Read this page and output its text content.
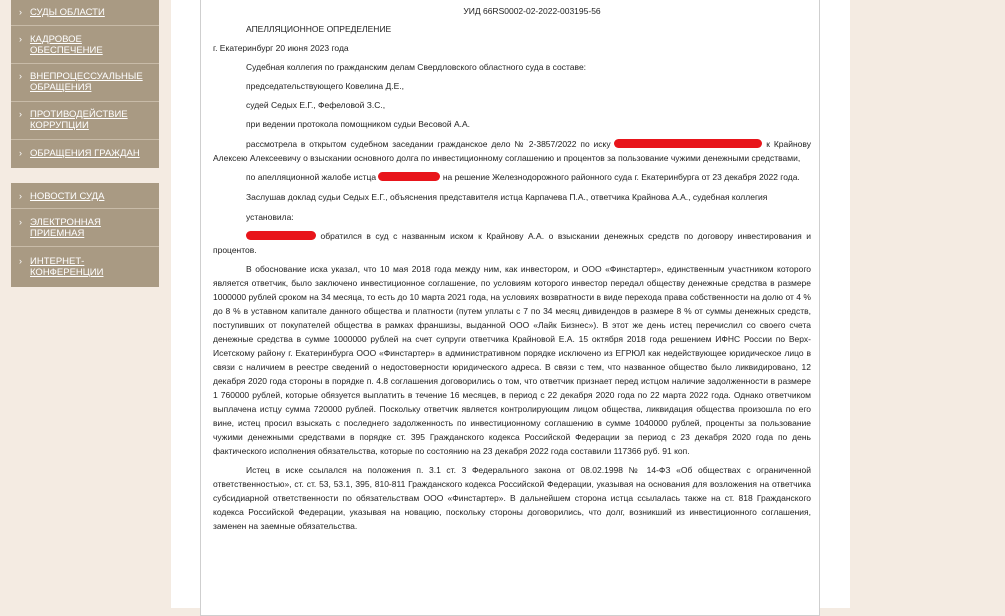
› СУДЫ ОБЛАСТИ
› КАДРОВОЕ ОБЕСПЕЧЕНИЕ
› ВНЕПРОЦЕССУАЛЬНЫЕ ОБРАЩЕНИЯ
› ПРОТИВОДЕЙСТВИЕ КОРРУПЦИИ
› ОБРАЩЕНИЯ ГРАЖДАН
› НОВОСТИ СУДА
› ЭЛЕКТРОННАЯ ПРИЕМНАЯ
› ИНТЕРНЕТ-КОНФЕРЕНЦИИ

УИД 66RS0002-02-2022-003195-56

АПЕЛЛЯЦИОННОЕ ОПРЕДЕЛЕНИЕ

г. Екатеринбург 20 июня 2023 года

Судебная коллегия по гражданским делам Свердловского областного суда в составе:

председательствующего Ковелина Д.Е.,

судей Седых Е.Г., Фефеловой З.С.,

при ведении протокола помощником судьи Весовой А.А.

рассмотрела в открытом судебном заседании гражданское дело № 2-3857/2022 по иску	к Крайнову Алексею Алексеевичу о взыскании основного долга по инвестиционному соглашению и процентов за пользование чужими денежными средствами,

по апелляционной жалобе истца	на решение Железнодорожного районного суда г. Екатеринбурга от 23 декабря 2022 года.

Заслушав доклад судьи Седых Е.Г., объяснения представителя истца Карпачева П.А., ответчика Крайнова А.А., судебная коллегия

установила:

обратился в суд с названным иском к Крайнову А.А. о взыскании денежных средств по договору инвестирования и процентов.

В обоснование иска указал, что 10 мая 2018 года между ним, как инвестором, и ООО «Финстартер», единственным участником которого является ответчик, было заключено инвестиционное соглашение, по условиям которого инвестор передал обществу денежные средства в размере 1000000 рублей сроком на 34 месяца, то есть до 10 марта 2021 года, на условиях возвратности в виде перехода права собственности на долю от 4 % до 8 % в уставном капитале данного общества и платности (путем уплаты с 7 по 34 месяц дивидендов в размере 8 % от суммы денежных средств, поступивших от покупателей общества в рамках франшизы, выданной ООО «Лайк Бизнес»). В этот же день истец перечислил со своего счета денежные средства в сумме 1000000 рублей на счет супруги ответчика Крайновой Е.А. 15 октября 2018 года решением ИФНС России по Верх-Исетскому району г. Екатеринбурга ООО «Финстартер» в административном порядке исключено из ЕГРЮЛ как недействующее юридическое лицо в связи с наличием в реестре сведений о недостоверности юридического адреса. В связи с тем, что названное общество было ликвидировано, 12 декабря 2020 года стороны в порядке п. 4.8 соглашения договорились о том, что ответчик признает перед истцом наличие задолженности в размере 1 760000 рублей, которые обязуется выплатить в течение 16 месяцев, в период с 22 декабря 2020 года по 22 марта 2022 года. Однако ответчиком выплачена истцу сумма 720000 рублей. Поскольку ответчик является контролирующим лицом общества, ликвидация общества произошла по его вине, истец просил взыскать с последнего задолженность по инвестиционному соглашению в сумме 1040000 рублей, проценты за пользование чужими денежными средствами в порядке ст. 395 Гражданского кодекса Российской Федерации за период с 23 декабря 2020 года по день фактического исполнения обязательства, которые по состоянию на 23 декабря 2022 года составили 117366 руб. 91 коп.

Истец в иске ссылался на положения п. 3.1 ст. 3 Федерального закона от 08.02.1998 № 14-ФЗ «Об обществах с ограниченной ответственностью», ст. ст. 53, 53.1, 395, 810-811 Гражданского кодекса Российской Федерации, указывая на основания для возложения на ответчика субсидиарной ответственности по обязательствам ООО «Финстартер». В дальнейшем сторона истца ссылалась также на ст. 818 Гражданского кодекса Российской Федерации, указывая на новацию, поскольку стороны договорились, что долг, возникший из инвестиционного соглашения, заменен на заемные обязательства.
